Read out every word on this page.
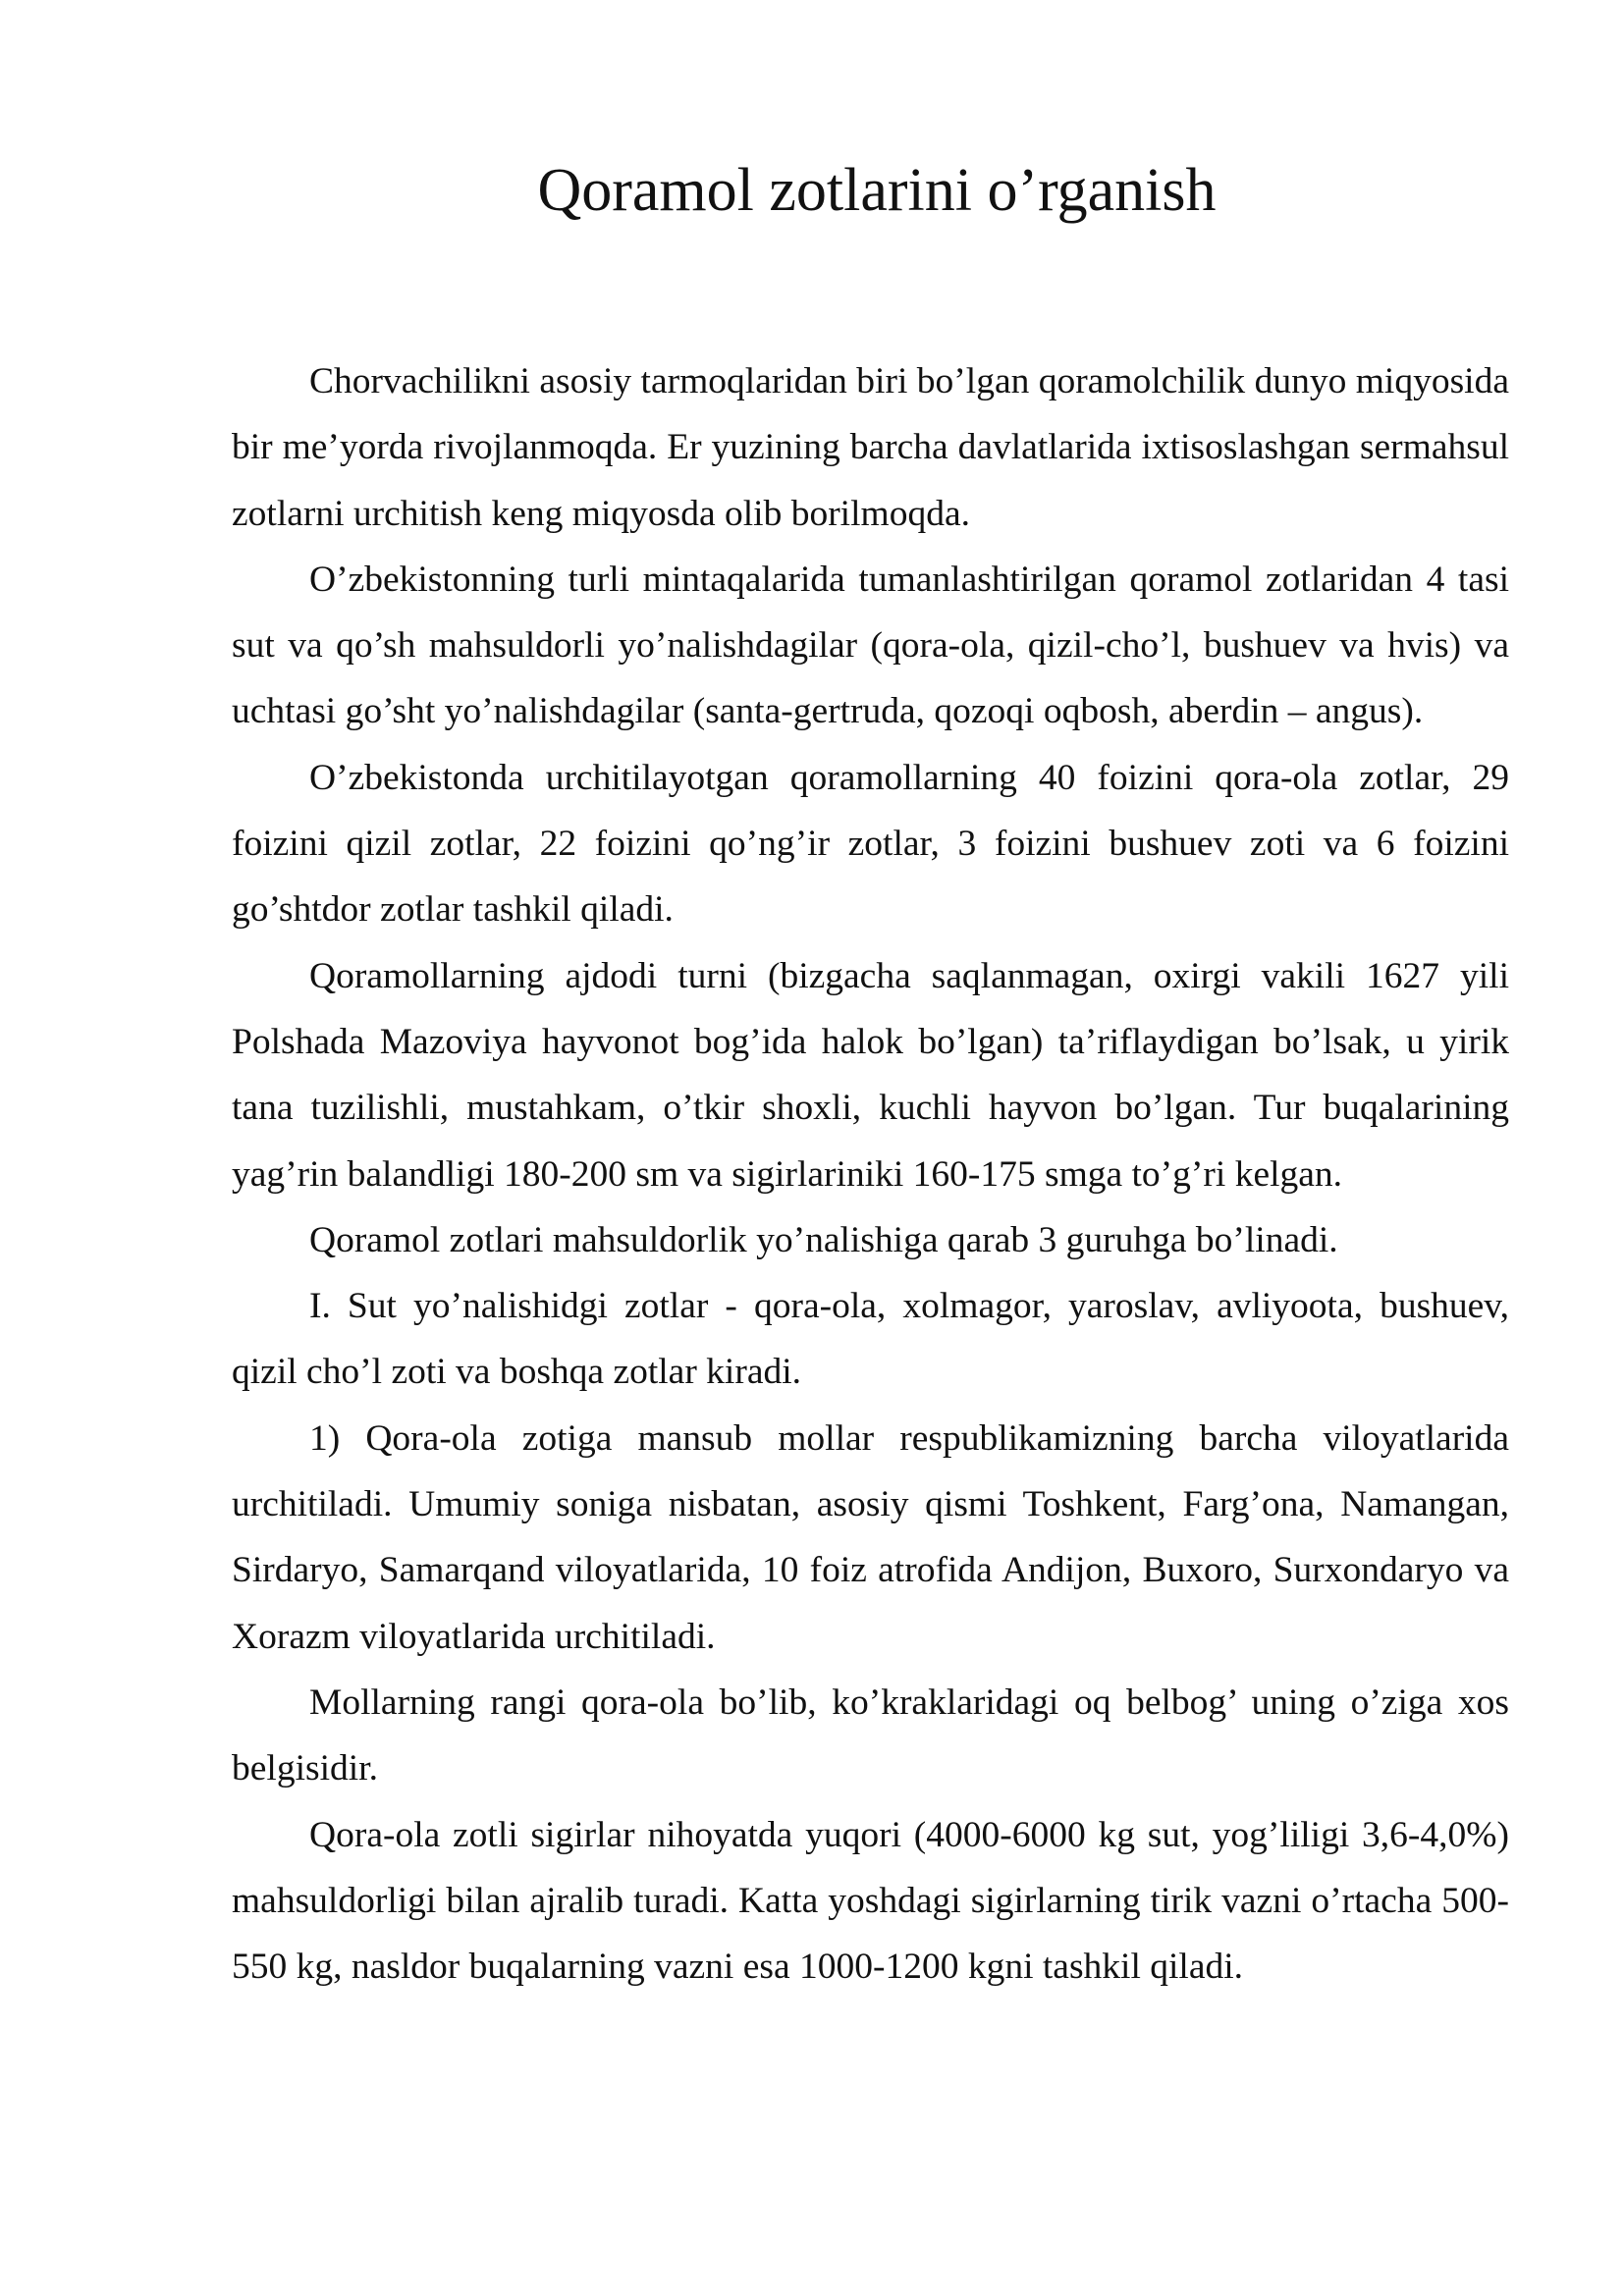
Qoramol zotlarini o’rganish

Chorvachilikni asosiy tarmoqlaridan biri bo’lgan qoramolchilik dunyo miqyosida bir me’yorda rivojlanmoqda. Er yuzining barcha davlatlarida ixtisoslashgan sermahsul zotlarni urchitish keng miqyosda olib borilmoqda.

O’zbekistonning turli mintaqalarida tumanlashtirilgan qoramol zotlaridan 4 tasi sut va qo’sh mahsuldorli yo’nalishdagilar (qora-ola, qizil-cho’l, bushuev va hvis) va uchtasi go’sht yo’nalishdagilar (santa-gertruda, qozoqi oqbosh, aberdin – angus).

O’zbekistonda urchitilayotgan qoramollarning 40 foizini qora-ola zotlar, 29 foizini qizil zotlar, 22 foizini qo’ng’ir zotlar, 3 foizini bushuev zoti va 6 foizini go’shtdor zotlar tashkil qiladi.

Qoramollarning ajdodi turni (bizgacha saqlanmagan, oxirgi vakili 1627 yili Polshada Mazoviya hayvonot bog’ida halok bo’lgan) ta’riflaydigan bo’lsak, u yirik tana tuzilishli, mustahkam, o’tkir shoxli, kuchli hayvon bo’lgan. Tur buqalarining yag’rin balandligi 180-200 sm va sigirlariniki 160-175 smga to’g’ri kelgan.

Qoramol zotlari mahsuldorlik yo’nalishiga qarab 3 guruhga bo’linadi.

I. Sut yo’nalishidgi zotlar - qora-ola, xolmagor, yaroslav, avliyoota, bushuev, qizil cho’l zoti va boshqa zotlar kiradi.

1) Qora-ola zotiga mansub mollar respublikamizning barcha viloyatlarida urchitiladi. Umumiy soniga nisbatan, asosiy qismi Toshkent, Farg’ona, Namangan, Sirdaryo, Samarqand viloyatlarida, 10 foiz atrofida Andijon, Buxoro, Surxondaryo va Xorazm viloyatlarida urchitiladi.

Mollarning rangi qora-ola bo’lib, ko’kraklaridagi oq belbog’ uning o’ziga xos belgisidir.

Qora-ola zotli sigirlar nihoyatda yuqori (4000-6000 kg sut, yog’liligi 3,6-4,0%) mahsuldorligi bilan ajralib turadi. Katta yoshdagi sigirlarning tirik vazni o’rtacha 500-550 kg, nasldor buqalarning vazni esa 1000-1200 kgni tashkil qiladi.
